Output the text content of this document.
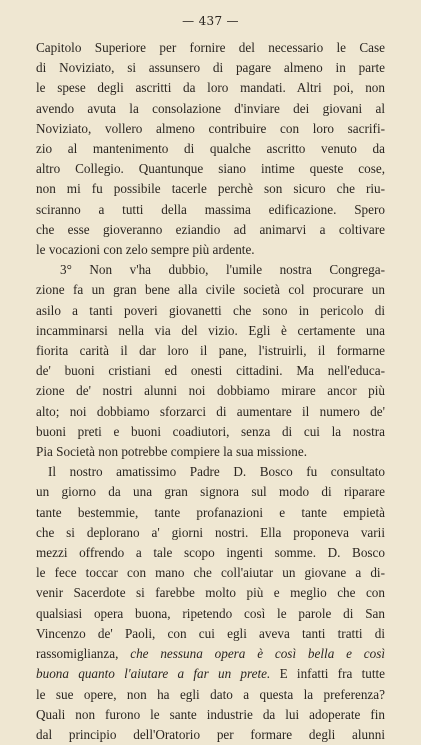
— 437 —
Capitolo Superiore per fornire del necessario le Case
di Noviziato, si assunsero di pagare almeno in parte
le spese degli ascritti da loro mandati. Altri poi, non
avendo avuta la consolazione d'inviare dei giovani al
Noviziato, vollero almeno contribuire con loro sacrifi-
zio al mantenimento di qualche ascritto venuto da
altro Collegio. Quantunque siano intime queste cose,
non mi fu possibile tacerle perchè son sicuro che riu-
sciranno a tutti della massima edificazione. Spero
che esse gioveranno eziandio ad animarvi a coltivare
le vocazioni con zelo sempre più ardente.
3° Non v'ha dubbio, l'umile nostra Congrega-
zione fa un gran bene alla civile società col procurare un
asilo a tanti poveri giovanetti che sono in pericolo di
incamminarsi nella via del vizio. Egli è certamente una
fiorita carità il dar loro il pane, l'istruirli, il formarne
de' buoni cristiani ed onesti cittadini. Ma nell'educa-
zione de' nostri alunni noi dobbiamo mirare ancor più
alto; noi dobbiamo sforzarci di aumentare il numero de'
buoni preti e buoni coadiutori, senza di cui la nostra
Pia Società non potrebbe compiere la sua missione.
Il nostro amatissimo Padre D. Bosco fu consultato
un giorno da una gran signora sul modo di riparare
tante bestemmie, tante profanazioni e tante empietà
che si deplorano a' giorni nostri. Ella proponeva varii
mezzi offrendo a tale scopo ingenti somme. D. Bosco
le fece toccar con mano che coll'aiutar un giovane a di-
venir Sacerdote si farebbe molto più e meglio che con
qualsiasi opera buona, ripetendo così le parole di San
Vincenzo de' Paoli, con cui egli aveva tanti tratti di
rassomiglianza, che nessuna opera è così bella e così
buona quanto l'aiutare a far un prete. E infatti fra tutte
le sue opere, non ha egli dato a questa la preferenza?
Quali non furono le sante industrie da lui adoperate fin
dal principio dell'Oratorio per formare degli alunni
